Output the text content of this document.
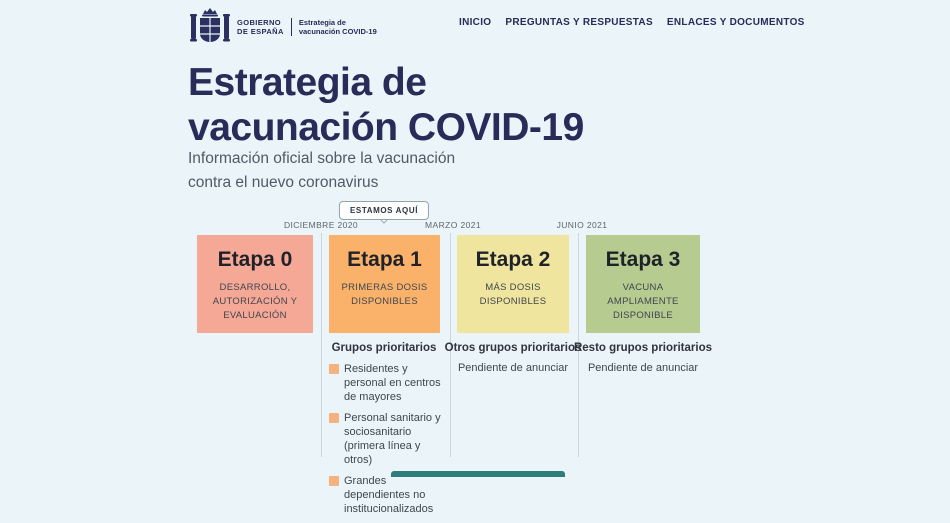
GOBIERNO
DE ESPAÑA
Estrategia de
vacunación COVID-19
INICIO PREGUNTAS Y RESPUESTAS ENLACES Y DOCUMENTOS
Estrategia de
vacunación COVID-19

Información oficial sobre la vacunación
contra el nuevo coronavirus

ESTAMOS AQUÍ
DICIEMBRE 2020	MARZO 2021	JUNIO 2021
Etapa 0
DESARROLLO, AUTORIZACIÓN Y EVALUACIÓN
Etapa 1
PRIMERAS DOSIS DISPONIBLES
Etapa 2
MÁS DOSIS DISPONIBLES
Etapa 3
VACUNA AMPLIAMENTE DISPONIBLE
Grupos prioritarios
Residentes y personal en centros de mayores
Personal sanitario y sociosanitario (primera línea y otros)
Grandes dependientes no institucionalizados
Otros grupos prioritarios
Pendiente de anunciar
Resto grupos prioritarios
Pendiente de anunciar
